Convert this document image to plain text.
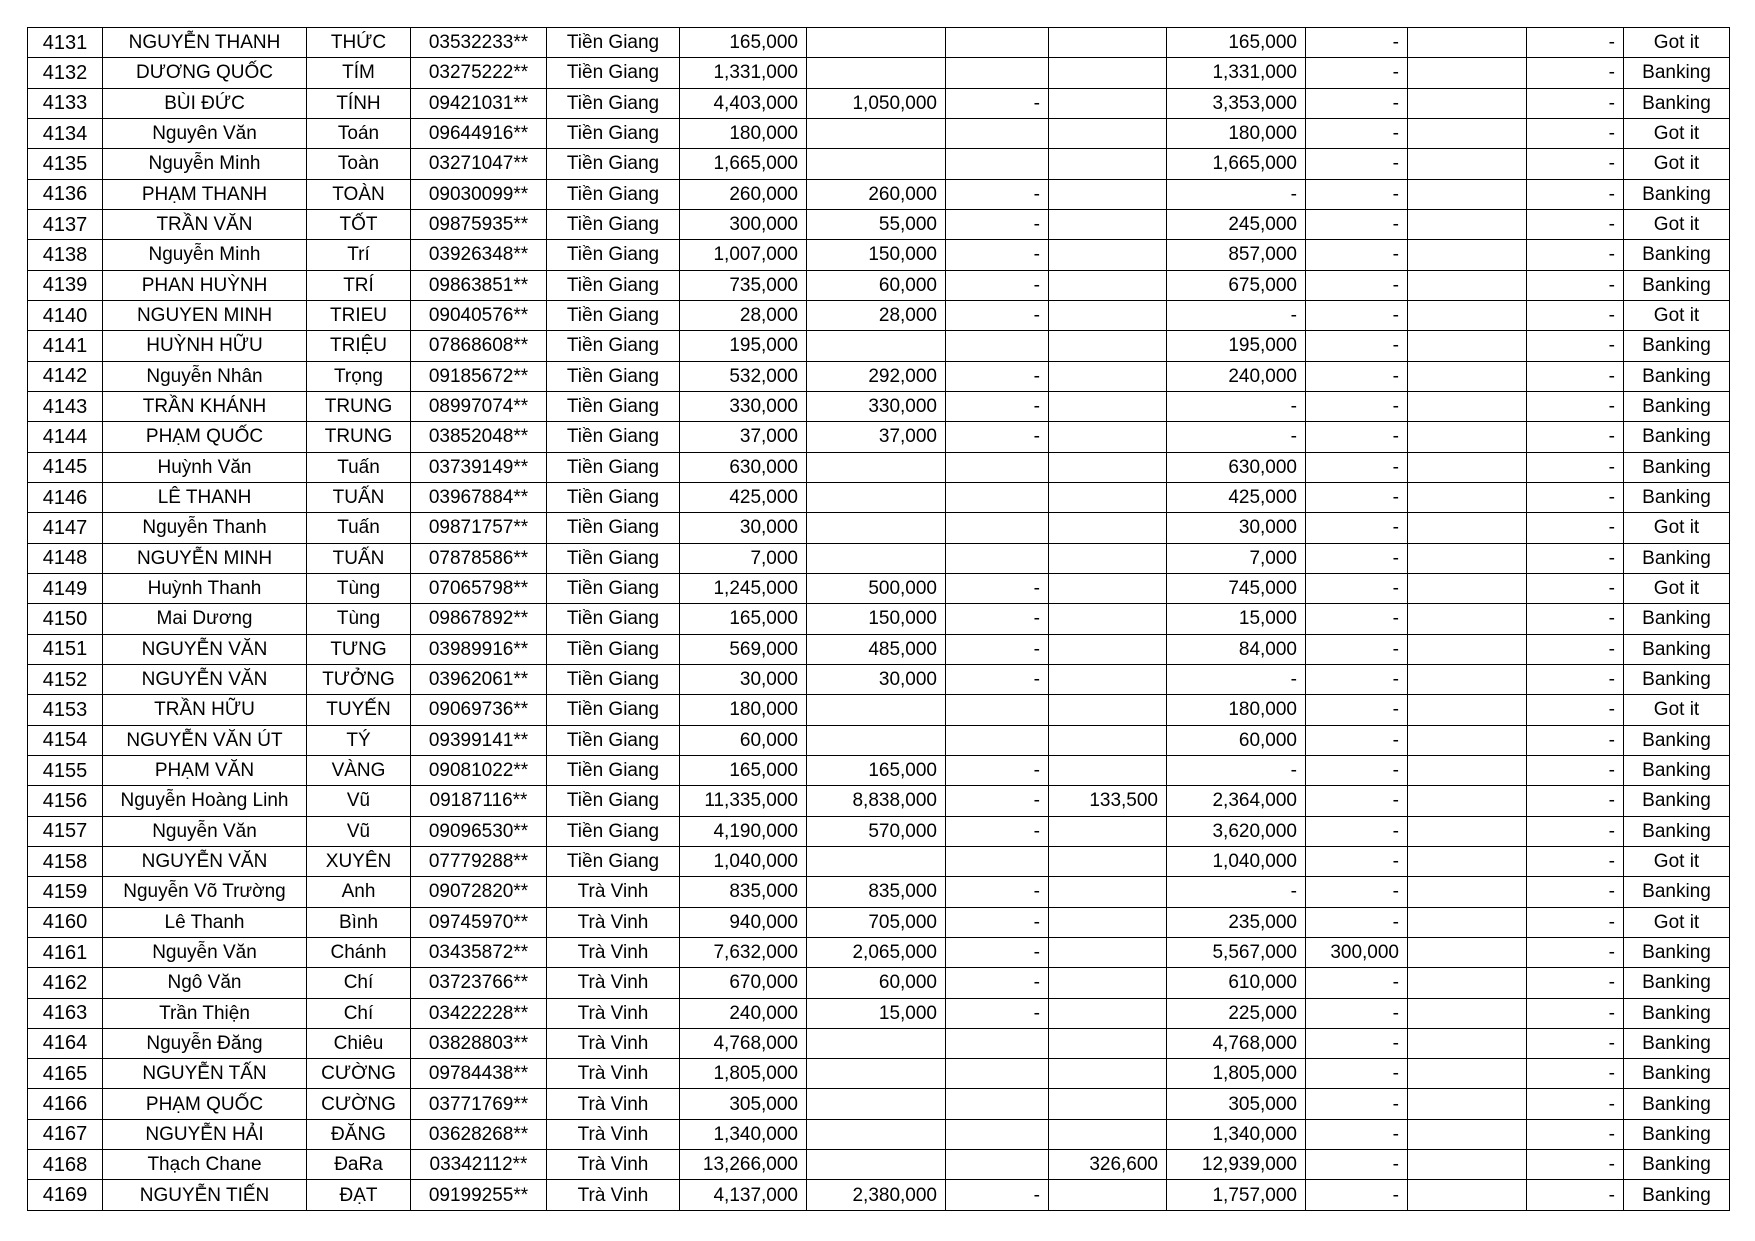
4131	NGUYỄN THANH	THỨC	03532233**	Tiền Giang	165,000				165,000	-		-	Got it
4132	DƯƠNG QUỐC	TÍM	03275222**	Tiền Giang	1,331,000				1,331,000	-		-	Banking
4133	BÙI ĐỨC	TÍNH	09421031**	Tiền Giang	4,403,000	1,050,000	-		3,353,000	-		-	Banking
4134	Nguyên Văn	Toán	09644916**	Tiền Giang	180,000				180,000	-		-	Got it
4135	Nguyễn Minh	Toàn	03271047**	Tiền Giang	1,665,000				1,665,000	-		-	Got it
4136	PHẠM THANH	TOÀN	09030099**	Tiền Giang	260,000	260,000	-		-	-		-	Banking
4137	TRẦN VĂN	TỐT	09875935**	Tiền Giang	300,000	55,000	-		245,000	-		-	Got it
4138	Nguyễn Minh	Trí	03926348**	Tiền Giang	1,007,000	150,000	-		857,000	-		-	Banking
4139	PHAN HUỲNH	TRÍ	09863851**	Tiền Giang	735,000	60,000	-		675,000	-		-	Banking
4140	NGUYEN MINH	TRIEU	09040576**	Tiền Giang	28,000	28,000	-		-	-		-	Got it
4141	HUỲNH HỮU	TRIỆU	07868608**	Tiền Giang	195,000				195,000	-		-	Banking
4142	Nguyễn Nhân	Trọng	09185672**	Tiền Giang	532,000	292,000	-		240,000	-		-	Banking
4143	TRẦN KHÁNH	TRUNG	08997074**	Tiền Giang	330,000	330,000	-		-	-		-	Banking
4144	PHẠM QUỐC	TRUNG	03852048**	Tiền Giang	37,000	37,000	-		-	-		-	Banking
4145	Huỳnh Văn	Tuấn	03739149**	Tiền Giang	630,000				630,000	-		-	Banking
4146	LÊ THANH	TUẤN	03967884**	Tiền Giang	425,000				425,000	-		-	Banking
4147	Nguyễn Thanh	Tuấn	09871757**	Tiền Giang	30,000				30,000	-		-	Got it
4148	NGUYỄN MINH	TUẤN	07878586**	Tiền Giang	7,000				7,000	-		-	Banking
4149	Huỳnh Thanh	Tùng	07065798**	Tiền Giang	1,245,000	500,000	-		745,000	-		-	Got it
4150	Mai Dương	Tùng	09867892**	Tiền Giang	165,000	150,000	-		15,000	-		-	Banking
4151	NGUYỄN VĂN	TƯNG	03989916**	Tiền Giang	569,000	485,000	-		84,000	-		-	Banking
4152	NGUYỄN VĂN	TƯỞNG	03962061**	Tiền Giang	30,000	30,000	-		-	-		-	Banking
4153	TRẦN HỮU	TUYẾN	09069736**	Tiền Giang	180,000				180,000	-		-	Got it
4154	NGUYỄN VĂN ÚT	TÝ	09399141**	Tiền Giang	60,000				60,000	-		-	Banking
4155	PHẠM VĂN	VÀNG	09081022**	Tiền Giang	165,000	165,000	-		-	-		-	Banking
4156	Nguyễn Hoàng Linh	Vũ	09187116**	Tiền Giang	11,335,000	8,838,000	-	133,500	2,364,000	-		-	Banking
4157	Nguyễn Văn	Vũ	09096530**	Tiền Giang	4,190,000	570,000	-		3,620,000	-		-	Banking
4158	NGUYỄN VĂN	XUYÊN	07779288**	Tiền Giang	1,040,000				1,040,000	-		-	Got it
4159	Nguyễn Võ Trường	Anh	09072820**	Trà Vinh	835,000	835,000	-		-	-		-	Banking
4160	Lê Thanh	Bình	09745970**	Trà Vinh	940,000	705,000	-		235,000	-		-	Got it
4161	Nguyễn Văn	Chánh	03435872**	Trà Vinh	7,632,000	2,065,000	-		5,567,000	300,000		-	Banking
4162	Ngô Văn	Chí	03723766**	Trà Vinh	670,000	60,000	-		610,000	-		-	Banking
4163	Trần Thiện	Chí	03422228**	Trà Vinh	240,000	15,000	-		225,000	-		-	Banking
4164	Nguyễn Đăng	Chiêu	03828803**	Trà Vinh	4,768,000				4,768,000	-		-	Banking
4165	NGUYỄN TẤN	CƯỜNG	09784438**	Trà Vinh	1,805,000				1,805,000	-		-	Banking
4166	PHẠM QUỐC	CƯỜNG	03771769**	Trà Vinh	305,000				305,000	-		-	Banking
4167	NGUYỄN HẢI	ĐĂNG	03628268**	Trà Vinh	1,340,000				1,340,000	-		-	Banking
4168	Thạch Chane	ĐaRa	03342112**	Trà Vinh	13,266,000			326,600	12,939,000	-		-	Banking
4169	NGUYỄN TIẾN	ĐẠT	09199255**	Trà Vinh	4,137,000	2,380,000	-		1,757,000	-		-	Banking
